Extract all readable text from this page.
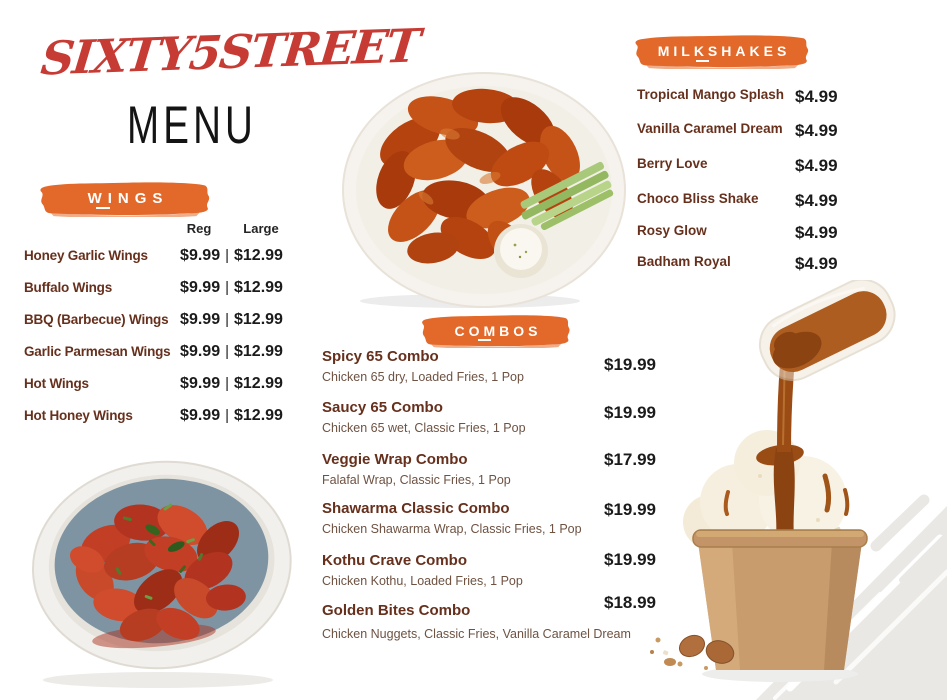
SIXTY5STREET
MENU
WINGS
Reg	Large
Honey Garlic Wings	$9.99 | $12.99
Buffalo Wings	$9.99 | $12.99
BBQ (Barbecue) Wings $9.99 | $12.99
Garlic Parmesan Wings $9.99 | $12.99
Hot Wings	$9.99 | $12.99
Hot Honey Wings	$9.99 | $12.99
COMBOS
Spicy 65 Combo
Chicken 65 dry, Loaded Fries, 1 Pop
$19.99
Saucy 65 Combo
Chicken 65 wet, Classic Fries, 1 Pop
$19.99
Veggie Wrap Combo
Falafal Wrap, Classic Fries, 1 Pop
$17.99
Shawarma Classic Combo
Chicken Shawarma Wrap, Classic Fries, 1 Pop
$19.99
Kothu Crave Combo
Chicken Kothu, Loaded Fries, 1 Pop
$19.99
Golden Bites Combo
Chicken Nuggets, Classic Fries, Vanilla Caramel Dream
$18.99
MILKSHAKES
Tropical Mango Splash $4.99
Vanilla Caramel Dream $4.99
Berry Love	$4.99
Choco Bliss Shake $4.99
Rosy Glow	$4.99
Badham Royal	$4.99
